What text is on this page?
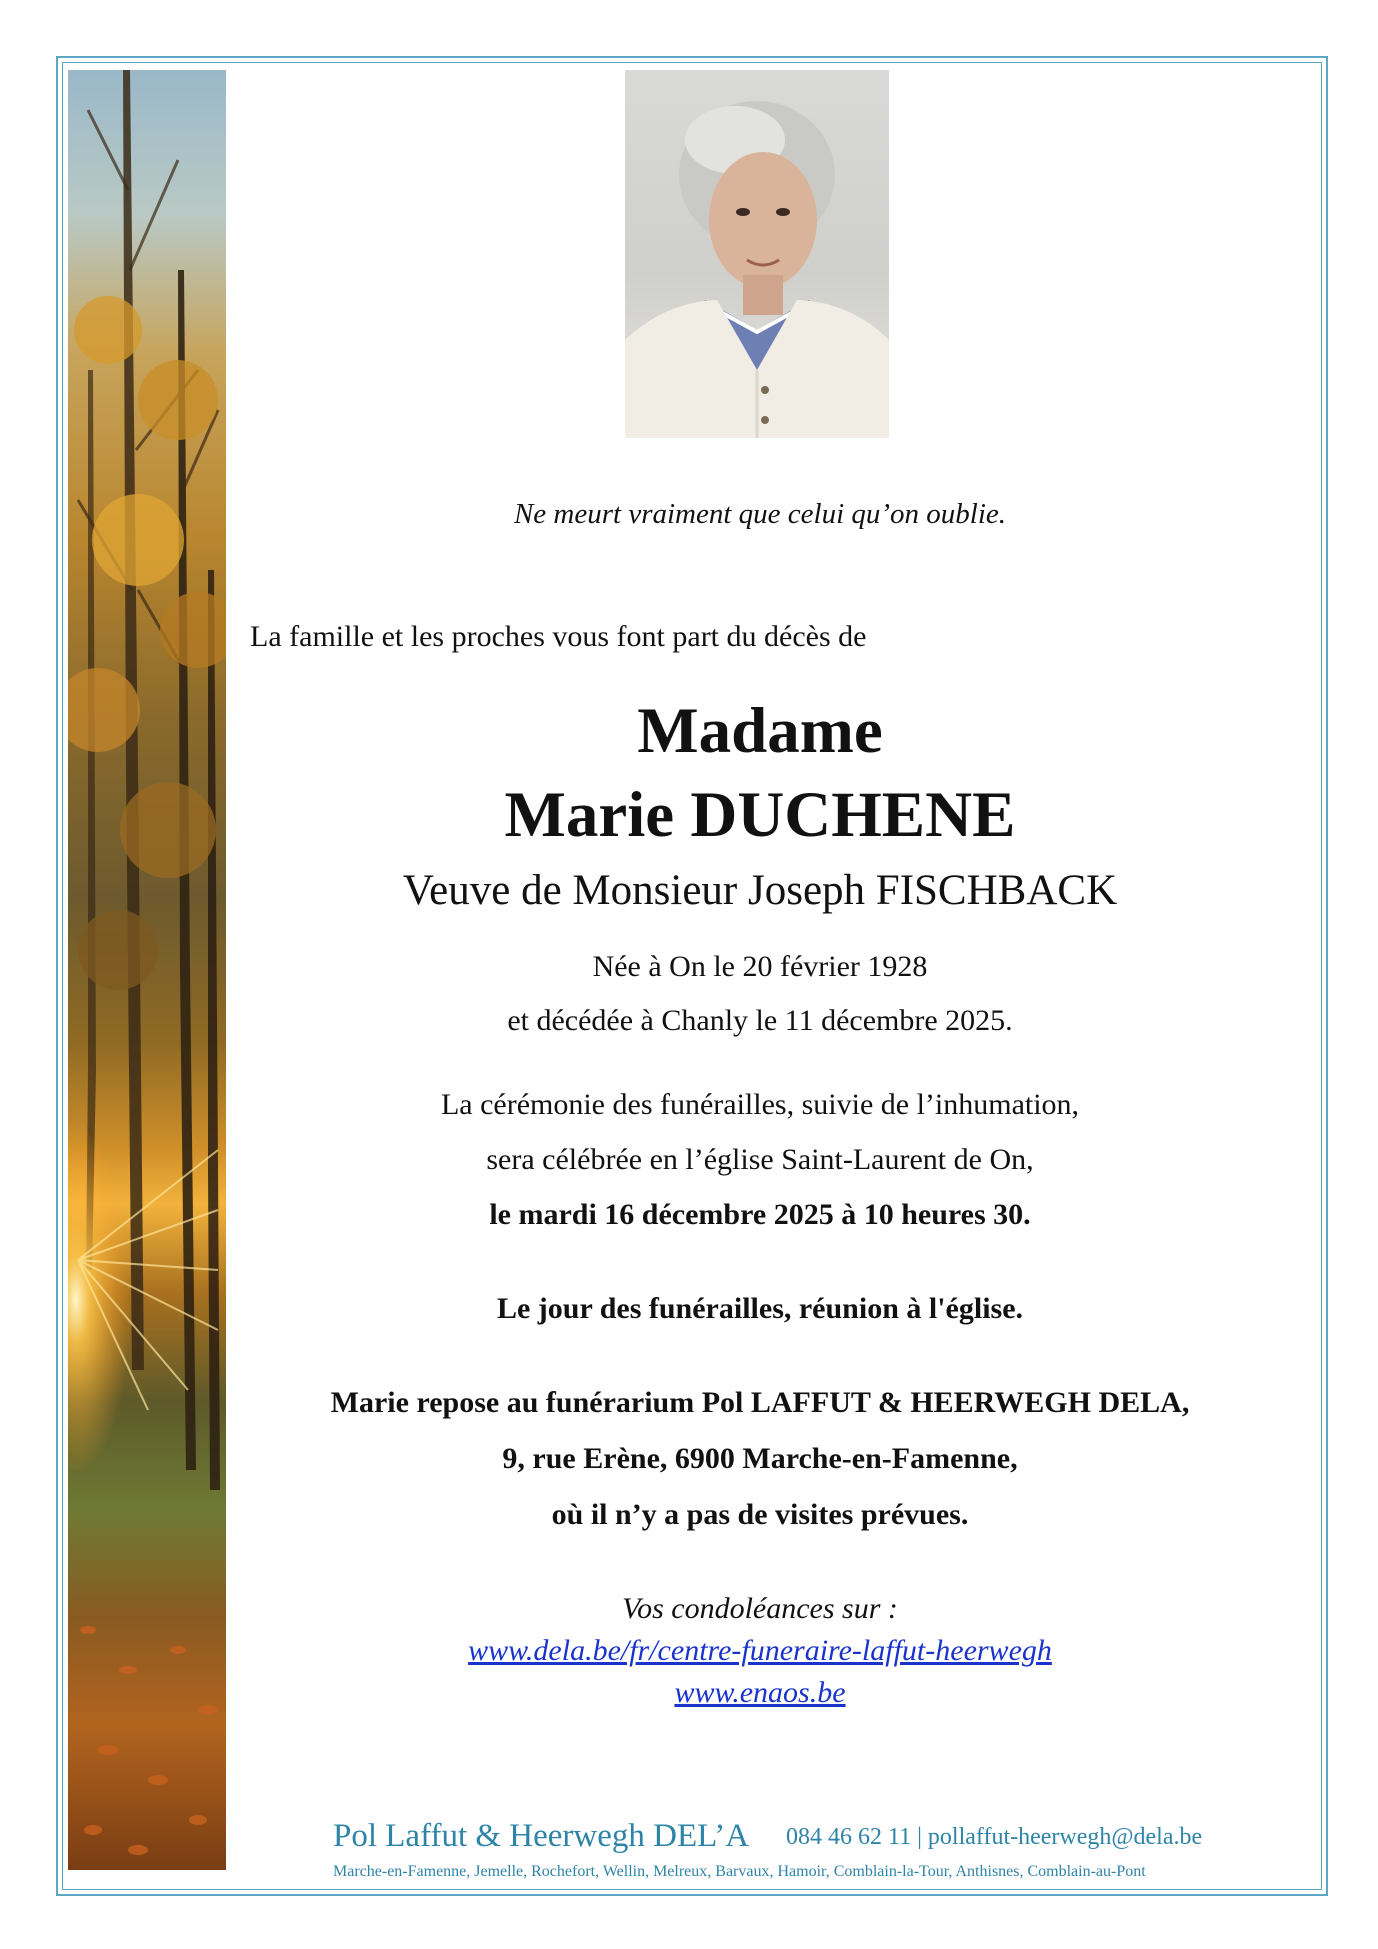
Ne meurt vraiment que celui qu’on oublie.
La famille et les proches vous font part du décès de
Madame
Marie DUCHENE
Veuve de Monsieur Joseph FISCHBACK
Née à On le 20 février 1928
et décédée à Chanly le 11 décembre 2025.
La cérémonie des funérailles, suivie de l’inhumation,
sera célébrée en l’église Saint-Laurent de On,
le mardi 16 décembre 2025 à 10 heures 30.
Le jour des funérailles, réunion à l'église.
Marie repose au funérarium Pol LAFFUT & HEERWEGH DELA,
9, rue Erène, 6900 Marche-en-Famenne,
où il n’y a pas de visites prévues.
Vos condoléances sur :
www.dela.be/fr/centre-funeraire-laffut-heerwegh
www.enaos.be
Pol Laffut & Heerwegh DEL’A 084 46 62 11 | pollaffut-heerwegh@dela.be
Marche-en-Famenne, Jemelle, Rochefort, Wellin, Melreux, Barvaux, Hamoir, Comblain-la-Tour, Anthisnes, Comblain-au-Pont
